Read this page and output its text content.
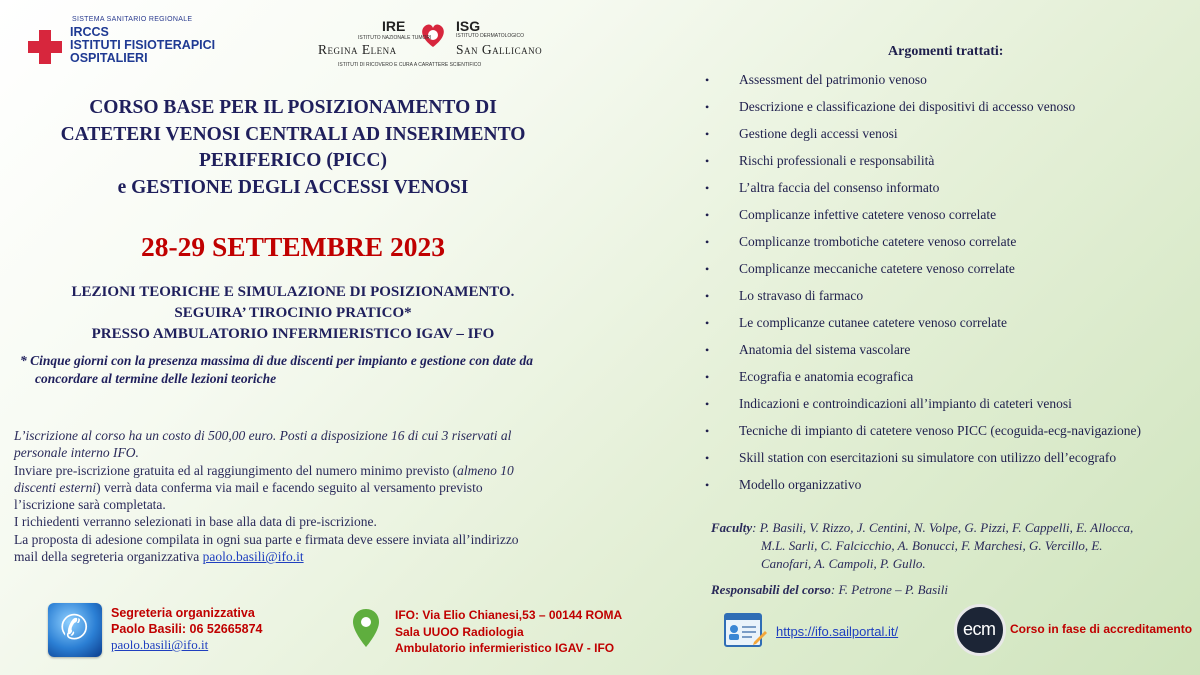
SISTEMA SANITARIO REGIONALE
IRCCS
ISTITUTI FISIOTERAPICI
OSPITALIERI
IRE	ISG
ISTITUTO NAZIONALE TUMORI	ISTITUTO DERMATOLOGICO
Regina Elena	San Gallicano
ISTITUTI DI RICOVERO E CURA A CARATTERE SCIENTIFICO
CORSO BASE PER IL POSIZIONAMENTO DI
CATETERI VENOSI CENTRALI AD INSERIMENTO
PERIFERICO (PICC)
e GESTIONE DEGLI ACCESSI VENOSI
28-29 SETTEMBRE 2023
LEZIONI TEORICHE E SIMULAZIONE DI POSIZIONAMENTO.
SEGUIRA’ TIROCINIO PRATICO*
PRESSO AMBULATORIO INFERMIERISTICO IGAV – IFO
* Cinque giorni con la presenza massima di due discenti per impianto e gestione con date da
concordare al termine delle lezioni teoriche
L’iscrizione al corso ha un costo di 500,00 euro. Posti a disposizione 16 di cui 3 riservati al
personale interno IFO.
Inviare pre-iscrizione gratuita ed al raggiungimento del numero minimo previsto (almeno 10
discenti esterni) verrà data conferma via mail e facendo seguito al versamento previsto
l’iscrizione sarà completata.
I richiedenti verranno selezionati in base alla data di pre-iscrizione.
La proposta di adesione compilata in ogni sua parte e firmata deve essere inviata all’indirizzo
mail della segreteria organizzativa paolo.basili@ifo.it
✆
Segreteria organizzativa
Paolo Basili: 06 52665874
paolo.basili@ifo.it
IFO: Via Elio Chianesi,53 – 00144 ROMA
Sala UUOO Radiologia
Ambulatorio infermieristico IGAV - IFO
Argomenti trattati:
• Assessment del patrimonio venoso
• Descrizione e classificazione dei dispositivi di accesso venoso
• Gestione degli accessi venosi
• Rischi professionali e responsabilità
• L’altra faccia del consenso informato
• Complicanze infettive catetere venoso correlate
• Complicanze trombotiche catetere venoso correlate
• Complicanze meccaniche catetere venoso correlate
• Lo stravaso di farmaco
• Le complicanze cutanee catetere venoso correlate
• Anatomia del sistema vascolare
• Ecografia e anatomia ecografica
• Indicazioni e controindicazioni all’impianto di cateteri venosi
• Tecniche di impianto di catetere venoso PICC (ecoguida-ecg-navigazione)
• Skill station con esercitazioni su simulatore con utilizzo dell’ecografo
• Modello organizzativo
Faculty: P. Basili, V. Rizzo, J. Centini, N. Volpe, G. Pizzi, F. Cappelli, E. Allocca,
M.L. Sarli, C. Falcicchio, A. Bonucci, F. Marchesi, G. Vercillo, E.
Canofari, A. Campoli, P. Gullo.
Responsabili del corso: F. Petrone – P. Basili
https://ifo.sailportal.it/	ecm Corso in fase di accreditamento
